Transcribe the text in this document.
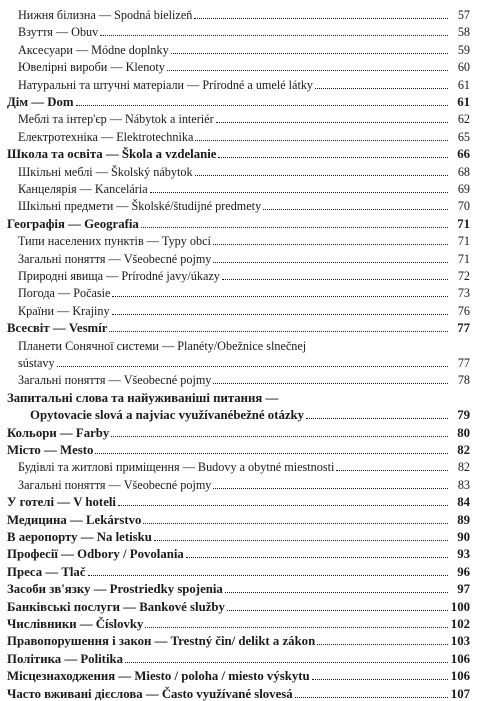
Нижня білизна — Spodná bielizeň	57
Взуття — Obuv	58
Аксесуари — Módne doplnky	59
Ювелірні вироби — Klenoty	60
Натуральні та штучні матеріали — Prírodné a umelé látky	61
Дім — Dom	61
Меблі та інтер'єр — Nábytok a interiér	62
Електротехніка — Elektrotechnika	65
Школа та освіта — Škola a vzdelanie	66
Шкільні меблі — Školský nábytok	68
Канцелярія — Kancelária	69
Шкільні предмети — Školské/študijné predmety	70
Географія — Geografia	71
Типи населених пунктів — Typy obcí	71
Загальні поняття — Všeobecné pojmy	71
Природні явища — Prírodné javy/úkazy	72
Погода — Počasie	73
Країни — Krajiny	76
Всесвіт — Vesmír	77
Планети Сонячної системи — Planéty/Obežnice slnečnej
sústavy	77
Загальні поняття — Všeobecné pojmy	78
Запитальні слова та найуживаніші питання —
Opytovacie slová a najviac využívanébežné otázky	79
Кольори — Farby	80
Місто — Mesto	82
Будівлі та житлові приміщення — Budovy a obytné miestnosti	82
Загальні поняття — Všeobecné pojmy	83
У готелі — V hoteli	84
Медицина — Lekárstvo	89
В аеропорту — Na letisku	90
Професії — Odbory / Povolania	93
Преса — Tlač	96
Засоби зв'язку — Prostriedky spojenia	97
Банківські послуги — Bankové služby	100
Числівники — Číslovky	102
Правопорушення і закон — Trestný čin/ delikt a zákon	103
Політика — Politika	106
Місцезнаходження — Miesto / poloha / miesto výskytu	106
Часто вживані дієслова — Často využívané slovesá	107
